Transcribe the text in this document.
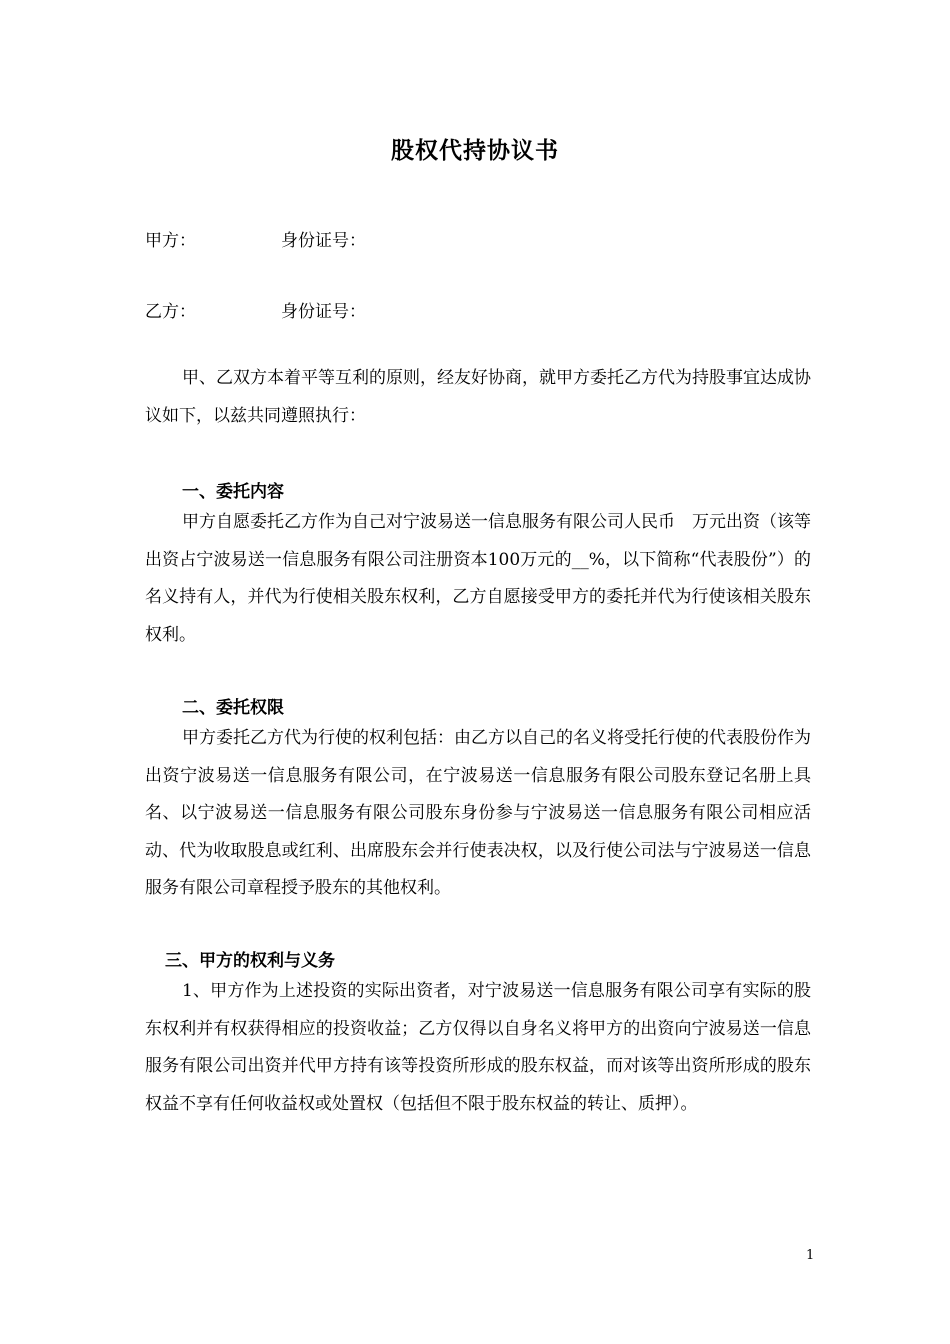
股权代持协议书
甲方：	身份证号：
乙方：	身份证号：
甲、乙双方本着平等互利的原则，经友好协商，就甲方委托乙方代为持股事宜达成协议如下，以兹共同遵照执行：
一、委托内容
甲方自愿委托乙方作为自己对宁波易送一信息服务有限公司人民币　万元出资（该等出资占宁波易送一信息服务有限公司注册资本100万元的__%，以下简称“代表股份”）的名义持有人，并代为行使相关股东权利，乙方自愿接受甲方的委托并代为行使该相关股东权利。
二、委托权限
甲方委托乙方代为行使的权利包括：由乙方以自己的名义将受托行使的代表股份作为出资宁波易送一信息服务有限公司，在宁波易送一信息服务有限公司股东登记名册上具名、以宁波易送一信息服务有限公司股东身份参与宁波易送一信息服务有限公司相应活动、代为收取股息或红利、出席股东会并行使表决权，以及行使公司法与宁波易送一信息服务有限公司章程授予股东的其他权利。
三、甲方的权利与义务
1、甲方作为上述投资的实际出资者，对宁波易送一信息服务有限公司享有实际的股东权利并有权获得相应的投资收益；乙方仅得以自身名义将甲方的出资向宁波易送一信息服务有限公司出资并代甲方持有该等投资所形成的股东权益，而对该等出资所形成的股东权益不享有任何收益权或处置权（包括但不限于股东权益的转让、质押）。
1
